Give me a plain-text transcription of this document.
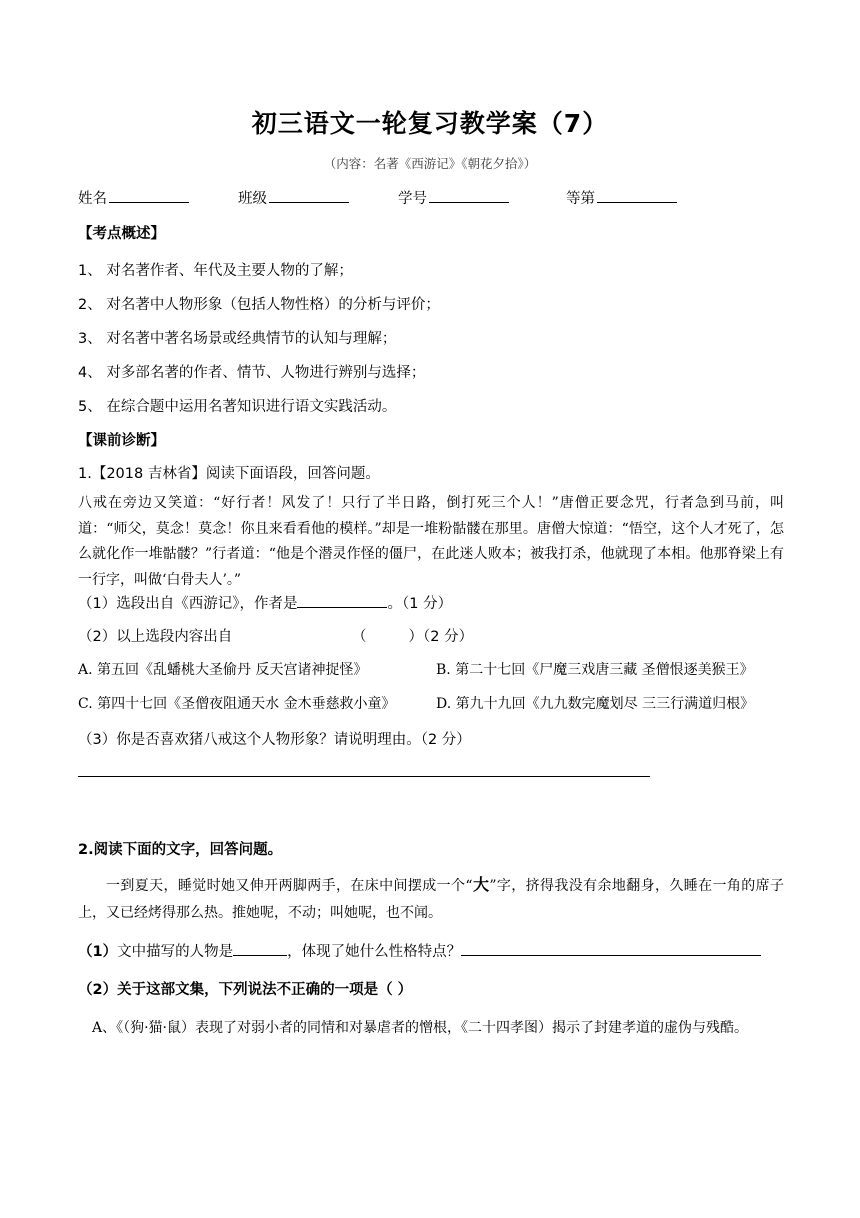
初三语文一轮复习教学案（7）
（内容：名著《西游记》《朝花夕拾》）
姓名	班级	学号	等第
【考点概述】
1、 对名著作者、年代及主要人物的了解；
2、 对名著中人物形象（包括人物性格）的分析与评价；
3、 对名著中著名场景或经典情节的认知与理解；
4、 对多部名著的作者、情节、人物进行辨别与选择；
5、 在综合题中运用名著知识进行语文实践活动。
【课前诊断】
1.【2018 吉林省】阅读下面语段，回答问题。
八戒在旁边又笑道：“好行者！风发了！只行了半日路，倒打死三个人！”唐僧正要念咒，行者急到马前，叫道：“师父，莫念！莫念！你且来看看他的模样。”却是一堆粉骷髅在那里。唐僧大惊道：“悟空，这个人才死了，怎么就化作一堆骷髅？”行者道：“他是个潜灵作怪的僵尸，在此迷人败本；被我打杀，他就现了本相。他那脊梁上有一行字，叫做‘白骨夫人’。”
（1）选段出自《西游记》，作者是	。（1 分）
（2）以上选段内容出自	（	）（2 分）
A. 第五回《乱蟠桃大圣偷丹 反天宫诸神捉怪》	B. 第二十七回《尸魔三戏唐三藏 圣僧恨逐美猴王》
C. 第四十七回《圣僧夜阻通天水 金木垂慈救小童》	D. 第九十九回《九九数完魔划尽 三三行满道归根》
（3）你是否喜欢猪八戒这个人物形象？请说明理由。（2 分）
2.阅读下面的文字，回答问题。
一到夏天，睡觉时她又伸开两脚两手，在床中间摆成一个“大”字，挤得我没有余地翻身，久睡在一角的席子上，又已经烤得那么热。推她呢，不动；叫她呢，也不闻。
（1）文中描写的人物是	，体现了她什么性格特点？
（2）关于这部文集，下列说法不正确的一项是（ ）
A、《（狗·猫·鼠）表现了对弱小者的同情和对暴虐者的憎根，《二十四孝图）揭示了封建孝道的虚伪与残酷。
